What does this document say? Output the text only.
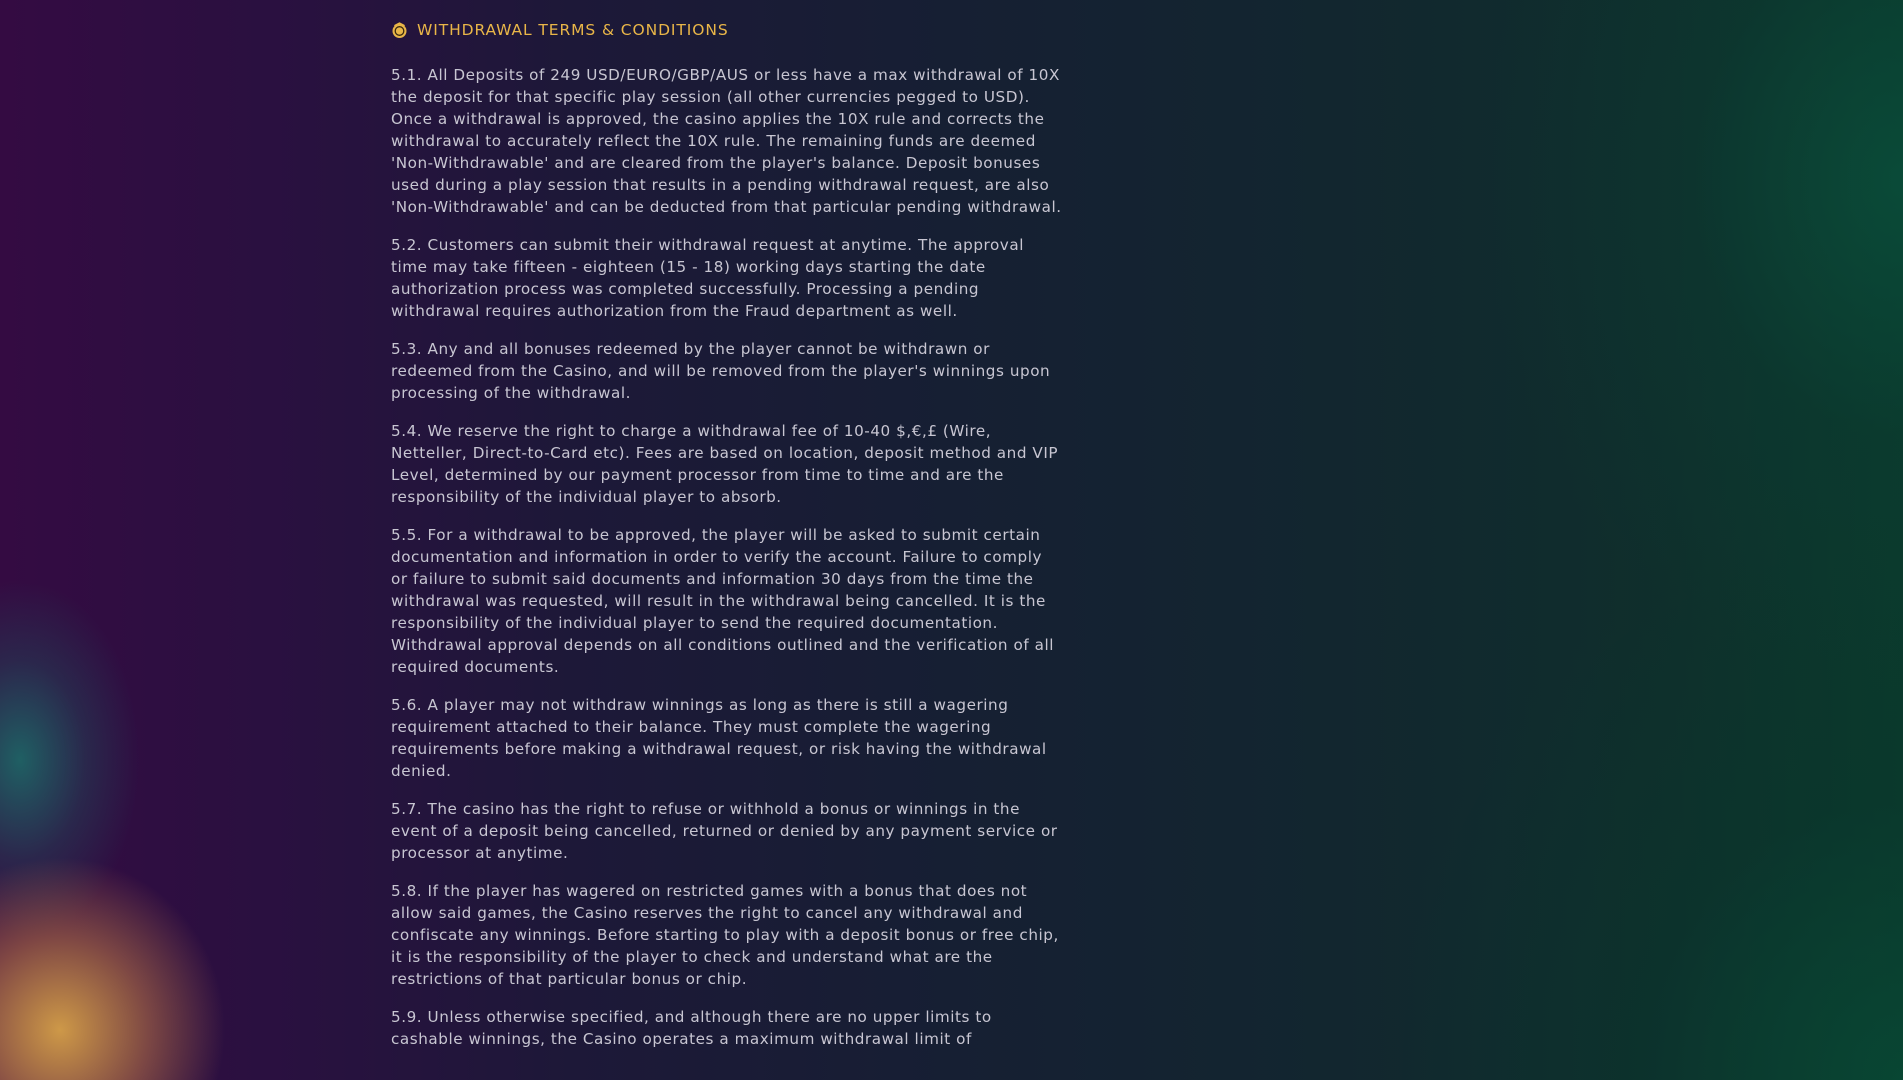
WITHDRAWAL TERMS & CONDITIONS

5.1. All Deposits of 249 USD/EURO/GBP/AUS or less have a max withdrawal of 10X the deposit for that specific play session (all other currencies pegged to USD). Once a withdrawal is approved, the casino applies the 10X rule and corrects the withdrawal to accurately reflect the 10X rule. The remaining funds are deemed 'Non-Withdrawable' and are cleared from the player's balance. Deposit bonuses used during a play session that results in a pending withdrawal request, are also 'Non-Withdrawable' and can be deducted from that particular pending withdrawal.

5.2. Customers can submit their withdrawal request at anytime. The approval time may take fifteen - eighteen (15 - 18) working days starting the date authorization process was completed successfully. Processing a pending withdrawal requires authorization from the Fraud department as well.

5.3. Any and all bonuses redeemed by the player cannot be withdrawn or redeemed from the Casino, and will be removed from the player's winnings upon processing of the withdrawal.

5.4. We reserve the right to charge a withdrawal fee of 10-40 $,€,£ (Wire, Netteller, Direct-to-Card etc). Fees are based on location, deposit method and VIP Level, determined by our payment processor from time to time and are the responsibility of the individual player to absorb.

5.5. For a withdrawal to be approved, the player will be asked to submit certain documentation and information in order to verify the account. Failure to comply or failure to submit said documents and information 30 days from the time the withdrawal was requested, will result in the withdrawal being cancelled. It is the responsibility of the individual player to send the required documentation. Withdrawal approval depends on all conditions outlined and the verification of all required documents.

5.6. A player may not withdraw winnings as long as there is still a wagering requirement attached to their balance. They must complete the wagering requirements before making a withdrawal request, or risk having the withdrawal denied.

5.7. The casino has the right to refuse or withhold a bonus or winnings in the event of a deposit being cancelled, returned or denied by any payment service or processor at anytime.

5.8. If the player has wagered on restricted games with a bonus that does not allow said games, the Casino reserves the right to cancel any withdrawal and confiscate any winnings. Before starting to play with a deposit bonus or free chip, it is the responsibility of the player to check and understand what are the restrictions of that particular bonus or chip.

5.9. Unless otherwise specified, and although there are no upper limits to cashable winnings, the Casino operates a maximum withdrawal limit of
